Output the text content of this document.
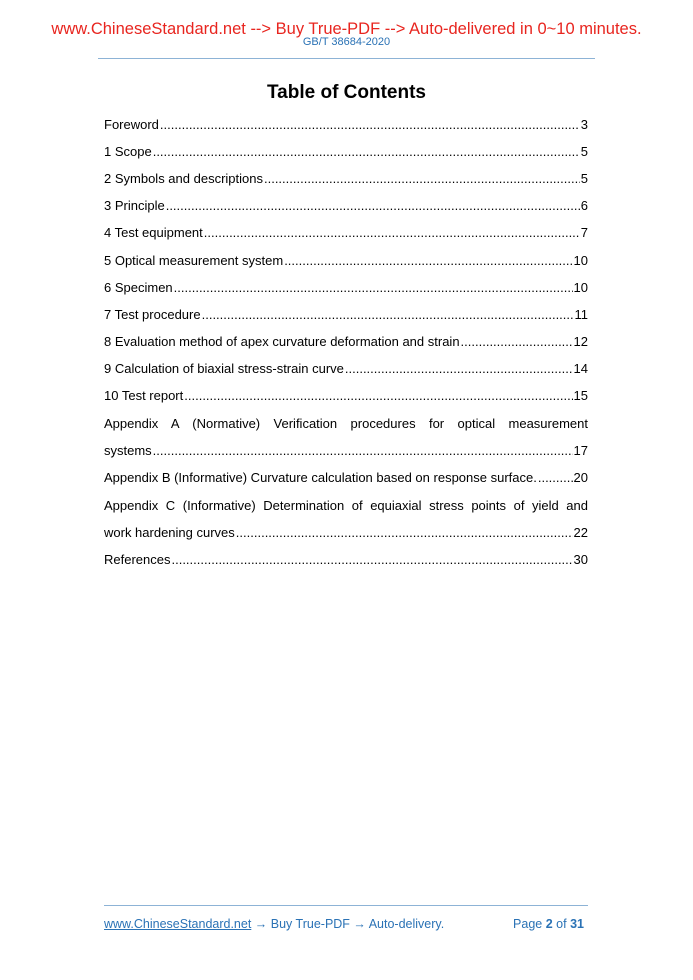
www.ChineseStandard.net --> Buy True-PDF --> Auto-delivered in 0~10 minutes.
GB/T 38684-2020
Table of Contents
Foreword .....	3
1 Scope .....	5
2 Symbols and descriptions .....	5
3 Principle .....	6
4 Test equipment .....	7
5 Optical measurement system .....	10
6 Specimen .....	10
7 Test procedure .....	11
8 Evaluation method of apex curvature deformation and strain .....	12
9 Calculation of biaxial stress-strain curve .....	14
10 Test report .....	15
Appendix A (Normative) Verification procedures for optical measurement
systems .....	17
Appendix B (Informative) Curvature calculation based on response surface. .....	20
Appendix C (Informative) Determination of equiaxial stress points of yield and
work hardening curves .....	22
References .....	30
www.ChineseStandard.net → Buy True-PDF → Auto-delivery.	Page 2 of 31
